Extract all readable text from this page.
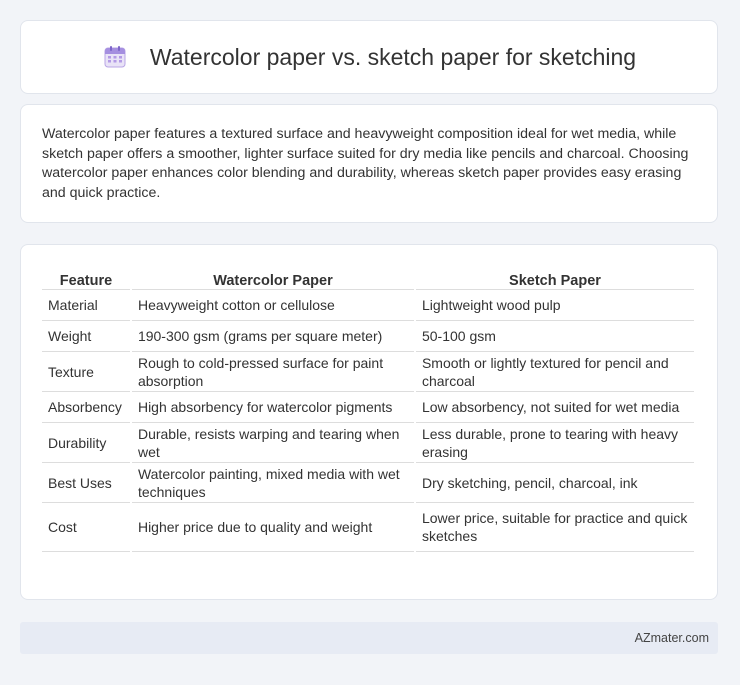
Watercolor paper vs. sketch paper for sketching

Watercolor paper features a textured surface and heavyweight composition ideal for wet media, while sketch paper offers a smoother, lighter surface suited for dry media like pencils and charcoal. Choosing watercolor paper enhances color blending and durability, whereas sketch paper provides easy erasing and quick practice.

Feature	Watercolor Paper	Sketch Paper
Material	Heavyweight cotton or cellulose	Lightweight wood pulp
Weight	190-300 gsm (grams per square meter)	50-100 gsm
Texture	Rough to cold-pressed surface for paint absorption	Smooth or lightly textured for pencil and charcoal
Absorbency	High absorbency for watercolor pigments	Low absorbency, not suited for wet media
Durability	Durable, resists warping and tearing when wet	Less durable, prone to tearing with heavy erasing
Best Uses	Watercolor painting, mixed media with wet techniques	Dry sketching, pencil, charcoal, ink
Cost	Higher price due to quality and weight	Lower price, suitable for practice and quick sketches
AZmater.com
